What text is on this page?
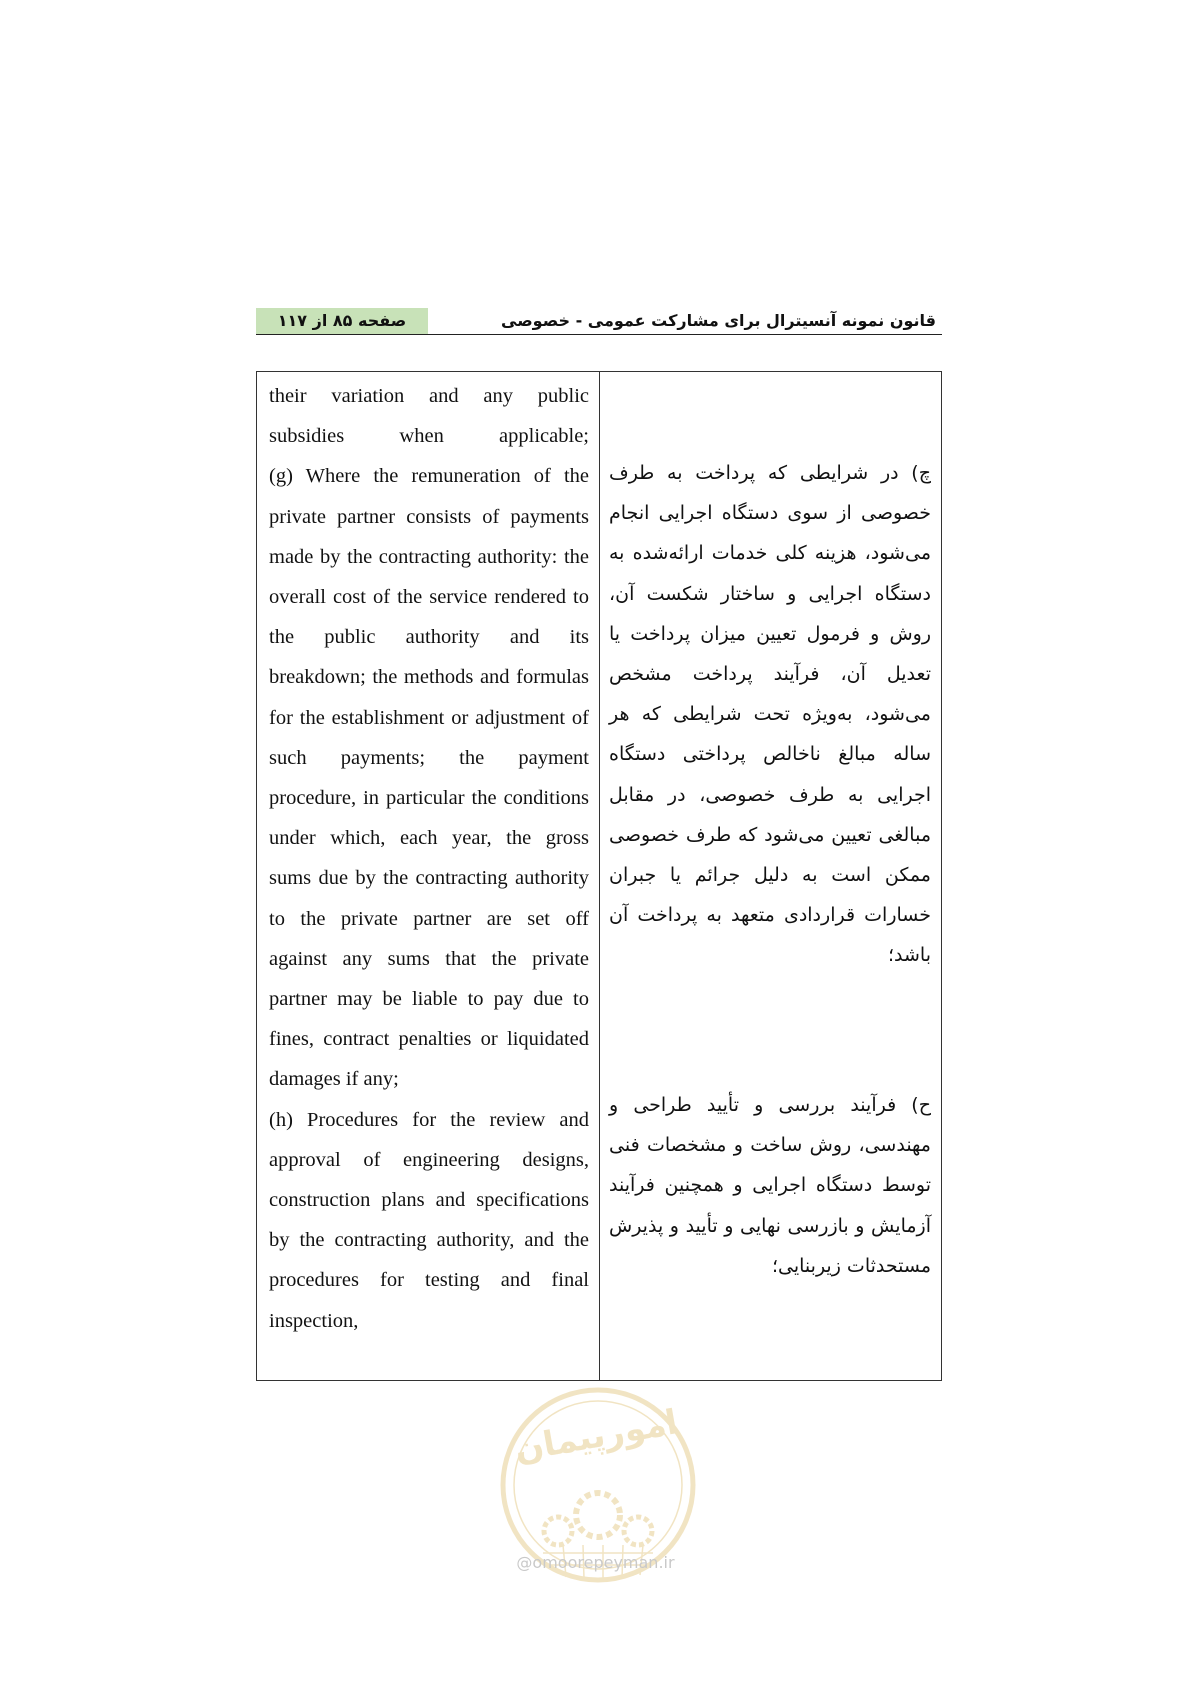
صفحه ۸۵ از ۱۱۷	قانون نمونه آنسیترال برای مشارکت عمومی - خصوصی

their variation and any public subsidies when applicable;

(g) Where the remuneration of the private partner consists of payments made by the contracting authority: the overall cost of the service rendered to the public authority and its breakdown; the methods and formulas for the establishment or adjustment of such payments; the payment procedure, in particular the conditions under which, each year, the gross sums due by the contracting authority to the private partner are set off against any sums that the private partner may be liable to pay due to fines, contract penalties or liquidated damages if any;

(h) Procedures for the review and approval of engineering designs, construction plans and specifications by the contracting authority, and the procedures for testing and final inspection,

چ) در شرایطی که پرداخت به طرف خصوصی از سوی دستگاه اجرایی انجام می‌شود، هزینه کلی خدمات ارائه‌شده به دستگاه اجرایی و ساختار شکست آن، روش و فرمول تعیین میزان پرداخت یا تعدیل آن، فرآیند پرداخت مشخص می‌شود، به‌ویژه تحت شرایطی که هر ساله مبالغ ناخالص پرداختی دستگاه اجرایی به طرف خصوصی، در مقابل مبالغی تعیین می‌شود که طرف خصوصی ممکن است به دلیل جرائم یا جبران خسارات قراردادی متعهد به پرداخت آن باشد؛

ح) فرآیند بررسی و تأیید طراحی و مهندسی، روش ساخت و مشخصات فنی توسط دستگاه اجرایی و همچنین فرآیند آزمایش و بازرسی نهایی و تأیید و پذیرش مستحدثات زیربنایی؛

امورپیمان
@omoorepeyman.ir
